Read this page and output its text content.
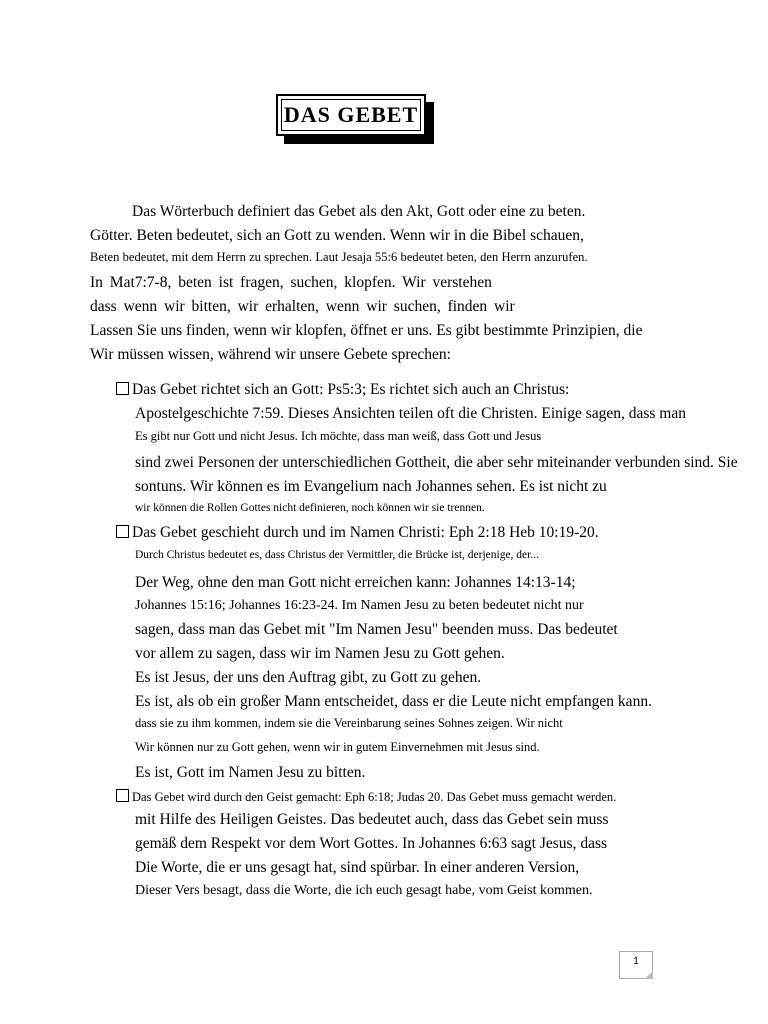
DAS GEBET
Das Wörterbuch definiert das Gebet als den Akt, Gott oder eine zu beten.
Götter. Beten bedeutet, sich an Gott zu wenden. Wenn wir in die Bibel schauen,
Beten bedeutet, mit dem Herrn zu sprechen. Laut Jesaja 55:6 bedeutet beten, den Herrn anzurufen.
In Mat7:7-8, beten ist fragen, suchen, klopfen. Wir verstehen
dass wenn wir bitten, wir erhalten, wenn wir suchen, finden wir
Lassen Sie uns finden, wenn wir klopfen, öffnet er uns. Es gibt bestimmte Prinzipien, die
Wir müssen wissen, während wir unsere Gebete sprechen:
Das Gebet richtet sich an Gott: Ps5:3; Es richtet sich auch an Christus:
Apostelgeschichte 7:59. Dieses Ansichten teilen oft die Christen. Einige sagen, dass man
Es gibt nur Gott und nicht Jesus. Ich möchte, dass man weiß, dass Gott und Jesus
sind zwei Personen der unterschiedlichen Gottheit, die aber sehr miteinander verbunden sind. Sie
sontuns. Wir können es im Evangelium nach Johannes sehen. Es ist nicht zu
wir können die Rollen Gottes nicht definieren, noch können wir sie trennen.
Das Gebet geschieht durch und im Namen Christi: Eph 2:18 Heb 10:19-20.
Durch Christus bedeutet es, dass Christus der Vermittler, die Brücke ist, derjenige, der...
Der Weg, ohne den man Gott nicht erreichen kann: Johannes 14:13-14;
Johannes 15:16; Johannes 16:23-24. Im Namen Jesu zu beten bedeutet nicht nur
sagen, dass man das Gebet mit "Im Namen Jesu" beenden muss. Das bedeutet
vor allem zu sagen, dass wir im Namen Jesu zu Gott gehen.
Es ist Jesus, der uns den Auftrag gibt, zu Gott zu gehen.
Es ist, als ob ein großer Mann entscheidet, dass er die Leute nicht empfangen kann.
dass sie zu ihm kommen, indem sie die Vereinbarung seines Sohnes zeigen. Wir nicht
Wir können nur zu Gott gehen, wenn wir in gutem Einvernehmen mit Jesus sind.
Es ist, Gott im Namen Jesu zu bitten.
Das Gebet wird durch den Geist gemacht: Eph 6:18; Judas 20. Das Gebet muss gemacht werden.
mit Hilfe des Heiligen Geistes. Das bedeutet auch, dass das Gebet sein muss
gemäß dem Respekt vor dem Wort Gottes. In Johannes 6:63 sagt Jesus, dass
Die Worte, die er uns gesagt hat, sind spürbar. In einer anderen Version,
Dieser Vers besagt, dass die Worte, die ich euch gesagt habe, vom Geist kommen.
1
